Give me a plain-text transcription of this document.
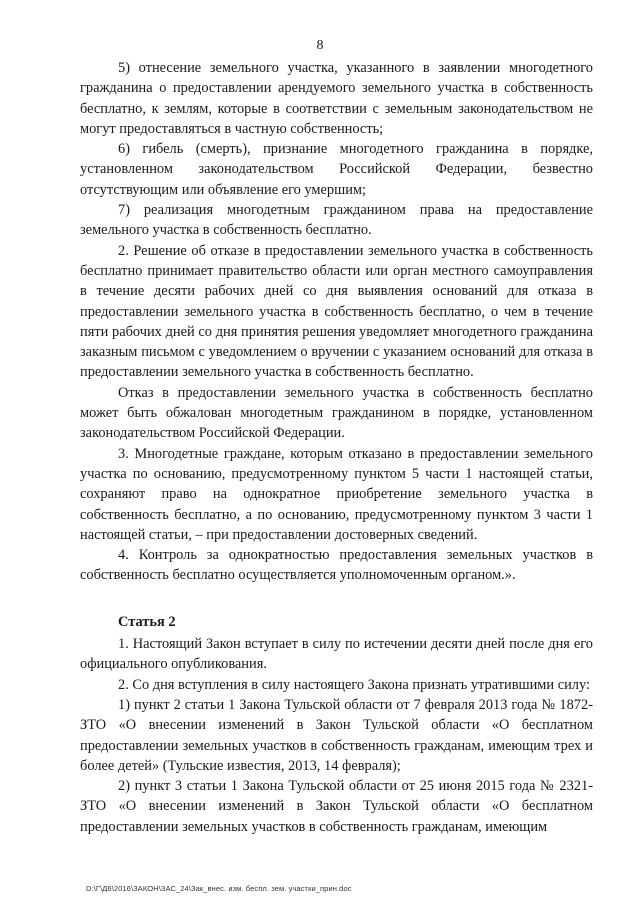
8

5) отнесение земельного участка, указанного в заявлении многодетного гражданина о предоставлении арендуемого земельного участка в собственность бесплатно, к землям, которые в соответствии с земельным законодательством не могут предоставляться в частную собственность;

6) гибель (смерть), признание многодетного гражданина в порядке, установленном законодательством Российской Федерации, безвестно отсутствующим или объявление его умершим;

7) реализация многодетным гражданином права на предоставление земельного участка в собственность бесплатно.

2. Решение об отказе в предоставлении земельного участка в собственность бесплатно принимает правительство области или орган местного самоуправления в течение десяти рабочих дней со дня выявления оснований для отказа в предоставлении земельного участка в собственность бесплатно, о чем в течение пяти рабочих дней со дня принятия решения уведомляет многодетного гражданина заказным письмом с уведомлением о вручении с указанием оснований для отказа в предоставлении земельного участка в собственность бесплатно.

Отказ в предоставлении земельного участка в собственность бесплатно может быть обжалован многодетным гражданином в порядке, установленном законодательством Российской Федерации.

3. Многодетные граждане, которым отказано в предоставлении земельного участка по основанию, предусмотренному пунктом 5 части 1 настоящей статьи, сохраняют право на однократное приобретение земельного участка в собственность бесплатно, а по основанию, предусмотренному пунктом 3 части 1 настоящей статьи, – при предоставлении достоверных сведений.

4. Контроль за однократностью предоставления земельных участков в собственность бесплатно осуществляется уполномоченным органом.».

Статья 2

1. Настоящий Закон вступает в силу по истечении десяти дней после дня его официального опубликования.

2. Со дня вступления в силу настоящего Закона признать утратившими силу:

1) пункт 2 статьи 1 Закона Тульской области от 7 февраля 2013 года № 1872-ЗТО «О внесении изменений в Закон Тульской области «О бесплатном предоставлении земельных участков в собственность гражданам, имеющим трех и более детей» (Тульские известия, 2013, 14 февраля);

2) пункт 3 статьи 1 Закона Тульской области от 25 июня 2015 года № 2321-ЗТО «О внесении изменений в Закон Тульской области «О бесплатном предоставлении земельных участков в собственность гражданам, имеющим

D:\Г\Д6\2016\ЗАКОН\ЗАС_24\Зак_внес. изм. беспл. зем. участки_прин.doc
